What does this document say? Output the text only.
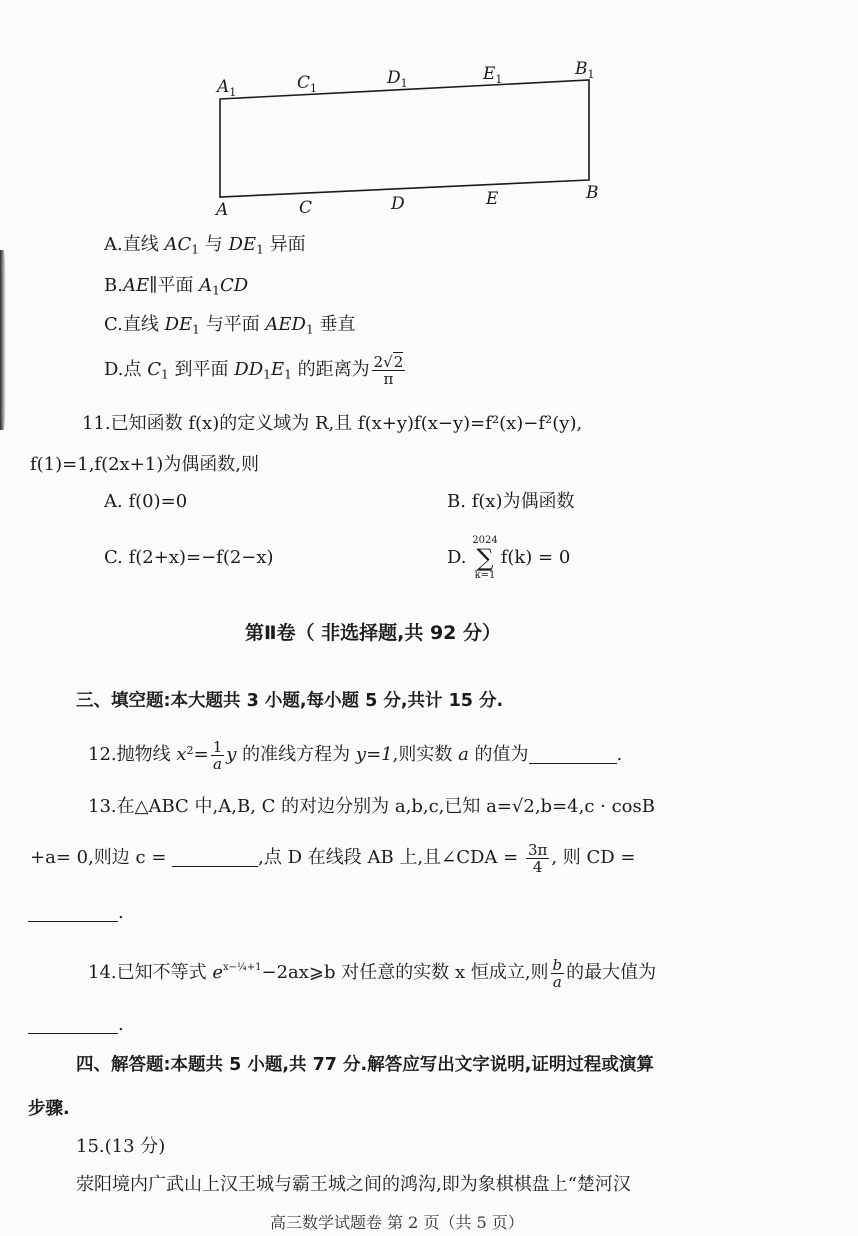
$A_1$	$C_1$
$D_1$	$E_1$
$B_1$
A	C	D	E	B
A.直线 $AC_1$ 与 $DE_1$ 异面
B.AE∥平面 $A_1CD$
C.直线 $DE_1$ 与平面 $AED_1$ 垂直
D.点 $C_1$ 到平面 $DD_1E_1$ 的距离为 $\frac{2√2}{\pi}$
11.已知函数 f(x)的定义域为 R,且 f(x+y)f(x−y)=f²(x)−f²(y),
f(1)=1,f(2x+1)为偶函数,则
A. f(0)=0	B. f(x)为偶函数
C. f(2+x)=−f(2−x)	D.
2024
∑
k=1
f(k) = 0
第Ⅱ卷（ 非选择题,共 92 分）
三、填空题:本大题共 3 小题,每小题 5 分,共计 15 分.
12.抛物线 $x^2= \frac{1}{a}$ y 的准线方程为 y=1,则实数 a 的值为	.
13.在△ABC 中,A,B, C 的对边分别为 a,b,c,已知 a=√2,b=4,c · cosB
+a= 0,则边 c =	,点 D 在线段 AB 上,且∠CDA = $\frac{3\pi}{4}$ , 则 CD =
.
14.已知不等式 $e^{x-\frac{1}{4}+1}-2ax⩾b$ 对任意的实数 x 恒成立,则 $\frac{b}{a}$ 的最大值为
.
四、解答题:本题共 5 小题,共 77 分.解答应写出文字说明,证明过程或演算
步骤.
15.(13 分)
荥阳境内广武山上汉王城与霸王城之间的鸿沟,即为象棋棋盘上“楚河汉
高三数学试题卷 第 2 页（共 5 页）
